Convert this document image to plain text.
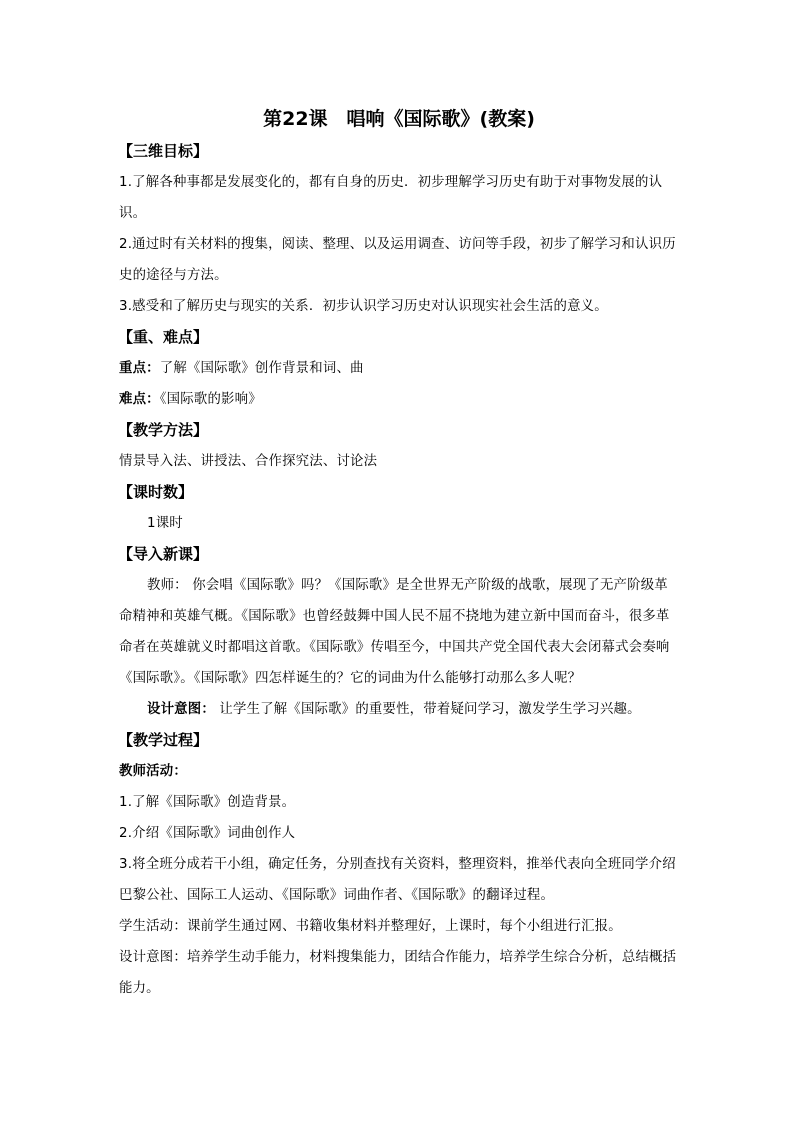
第22课　唱响《国际歌》(教案)
【三维目标】

1.了解各种事都是发展变化的，都有自身的历史．初步理解学习历史有助于对事物发展的认识。

2.通过时有关材料的搜集，阅读、整理、以及运用调查、访问等手段，初步了解学习和认识历史的途径与方法。

3.感受和了解历史与现实的关系．初步认识学习历史对认识现实社会生活的意义。

【重、难点】

重点：了解《国际歌》创作背景和词、曲

难点：《国际歌的影响》

【教学方法】

情景导入法、讲授法、合作探究法、讨论法

【课时数】

1课时

【导入新课】

教师： 你会唱《国际歌》吗？《国际歌》是全世界无产阶级的战歌，展现了无产阶级革命精神和英雄气概。《国际歌》也曾经鼓舞中国人民不屈不挠地为建立新中国而奋斗，很多革命者在英雄就义时都唱这首歌。《国际歌》传唱至今，中国共产党全国代表大会闭幕式会奏响《国际歌》。《国际歌》四怎样诞生的？它的词曲为什么能够打动那么多人呢？

设计意图： 让学生了解《国际歌》的重要性，带着疑问学习，激发学生学习兴趣。

【教学过程】

教师活动：

1.了解《国际歌》创造背景。

2.介绍《国际歌》词曲创作人

3.将全班分成若干小组，确定任务，分别查找有关资料，整理资料，推举代表向全班同学介绍巴黎公社、国际工人运动、《国际歌》词曲作者、《国际歌》的翻译过程。

学生活动：课前学生通过网、书籍收集材料并整理好，上课时，每个小组进行汇报。

设计意图：培养学生动手能力，材料搜集能力，团结合作能力，培养学生综合分析，总结概括能力。
